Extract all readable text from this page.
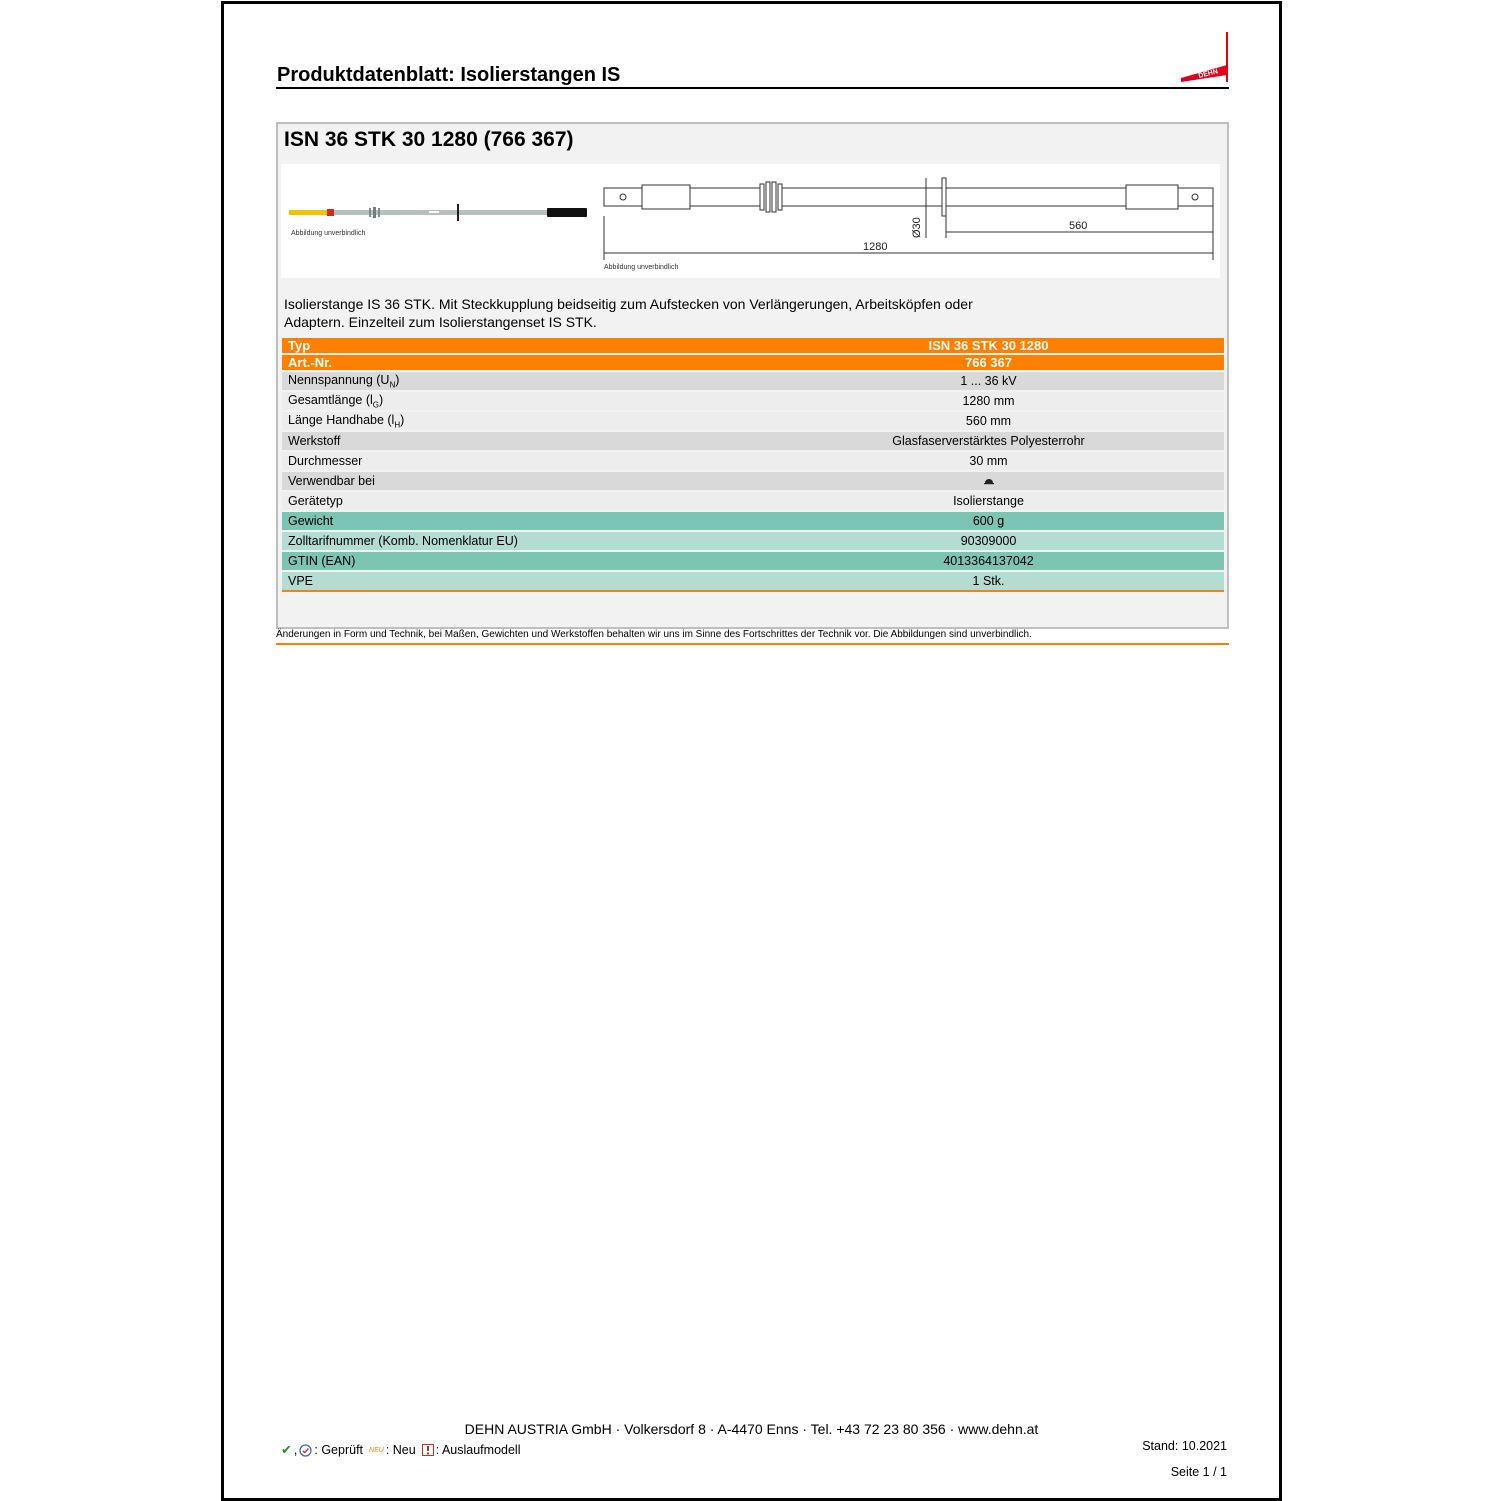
Produktdatenblatt: Isolierstangen IS	DEHN
ISN 36 STK 30 1280 (766 367)
Abbildung unverbindlich
1280
560
Ø30
Abbildung unverbindlich
Isolierstange IS 36 STK. Mit Steckkupplung beidseitig zum Aufstecken von Verlängerungen, Arbeitsköpfen oder Adaptern. Einzelteil zum Isolierstangenset IS STK.
Typ	ISN 36 STK 30 1280
Art.-Nr.	766 367
Nennspannung $(U_N)$	1 ... 36 kV
Gesamtlänge $(l_G)$	1280 mm
Länge Handhabe $(l_H)$	560 mm
Werkstoff	Glasfaserverstärktes Polyesterrohr
Durchmesser	30 mm
Verwendbar bei	
Gerätetyp	Isolierstange
Gewicht	600 g
Zolltarifnummer (Komb. Nomenklatur EU)	90309000
GTIN (EAN)	4013364137042
VPE	1 Stk.
Änderungen in Form und Technik, bei Maßen, Gewichten und Werkstoffen behalten wir uns im Sinne des Fortschrittes der Technik vor. Die Abbildungen sind unverbindlich.
DEHN AUSTRIA GmbH · Volkersdorf 8 · A-4470 Enns · Tel. +43 72 23 80 356 · www.dehn.at
✔ , : Geprüft NEU : Neu : Auslaufmodell	Stand: 10.2021
Seite 1 / 1
